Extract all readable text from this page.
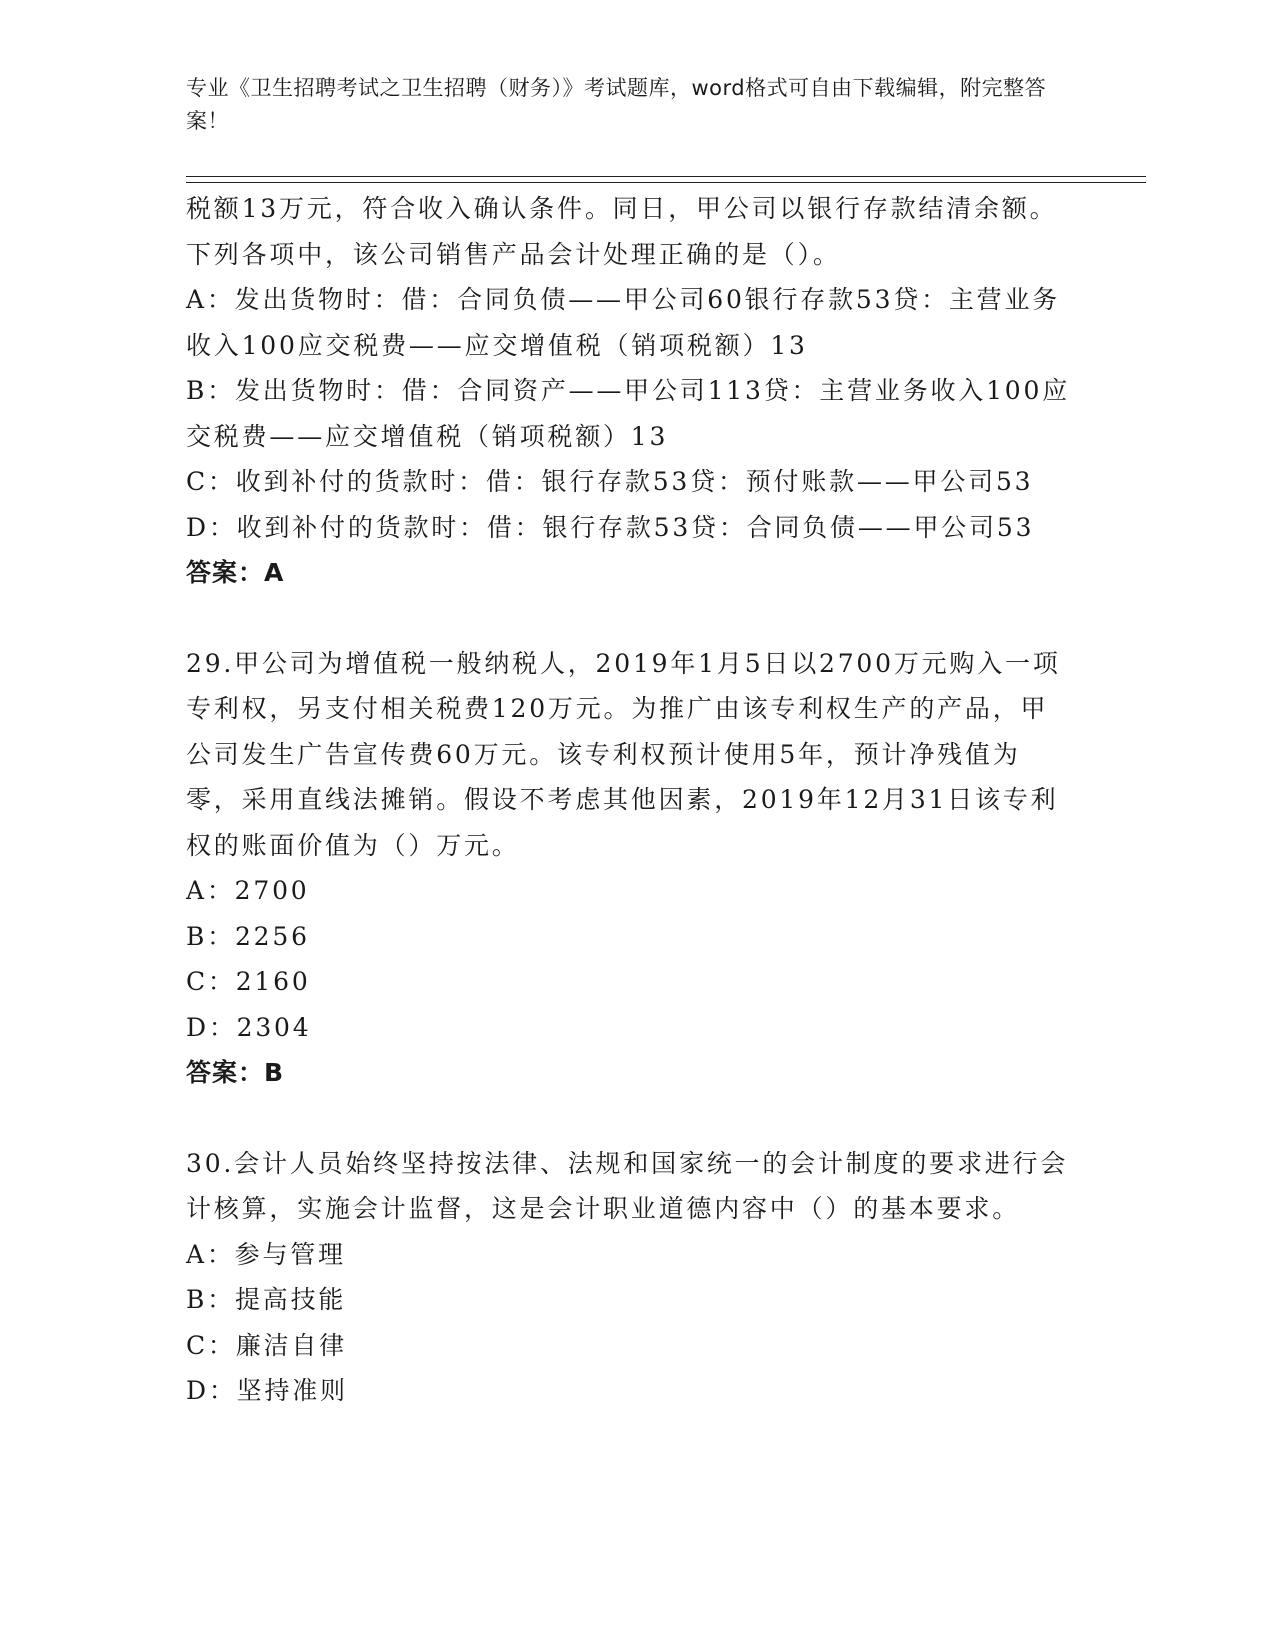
专业《卫生招聘考试之卫生招聘（财务）》考试题库，word格式可自由下载编辑，附完整答案！

税额13万元，符合收入确认条件。同日，甲公司以银行存款结清余额。下列各项中，该公司销售产品会计处理正确的是（）。

A：发出货物时：借：合同负债——甲公司60银行存款53贷：主营业务收入100应交税费——应交增值税（销项税额）13

B：发出货物时：借：合同资产——甲公司113贷：主营业务收入100应交税费——应交增值税（销项税额）13

C：收到补付的货款时：借：银行存款53贷：预付账款——甲公司53

D：收到补付的货款时：借：银行存款53贷：合同负债——甲公司53

答案：A

29.甲公司为增值税一般纳税人，2019年1月5日以2700万元购入一项专利权，另支付相关税费120万元。为推广由该专利权生产的产品，甲公司发生广告宣传费60万元。该专利权预计使用5年，预计净残值为零，采用直线法摊销。假设不考虑其他因素，2019年12月31日该专利权的账面价值为（）万元。

A：2700

B：2256

C：2160

D：2304

答案：B

30.会计人员始终坚持按法律、法规和国家统一的会计制度的要求进行会计核算，实施会计监督，这是会计职业道德内容中（）的基本要求。

A：参与管理

B：提高技能

C：廉洁自律

D：坚持准则
